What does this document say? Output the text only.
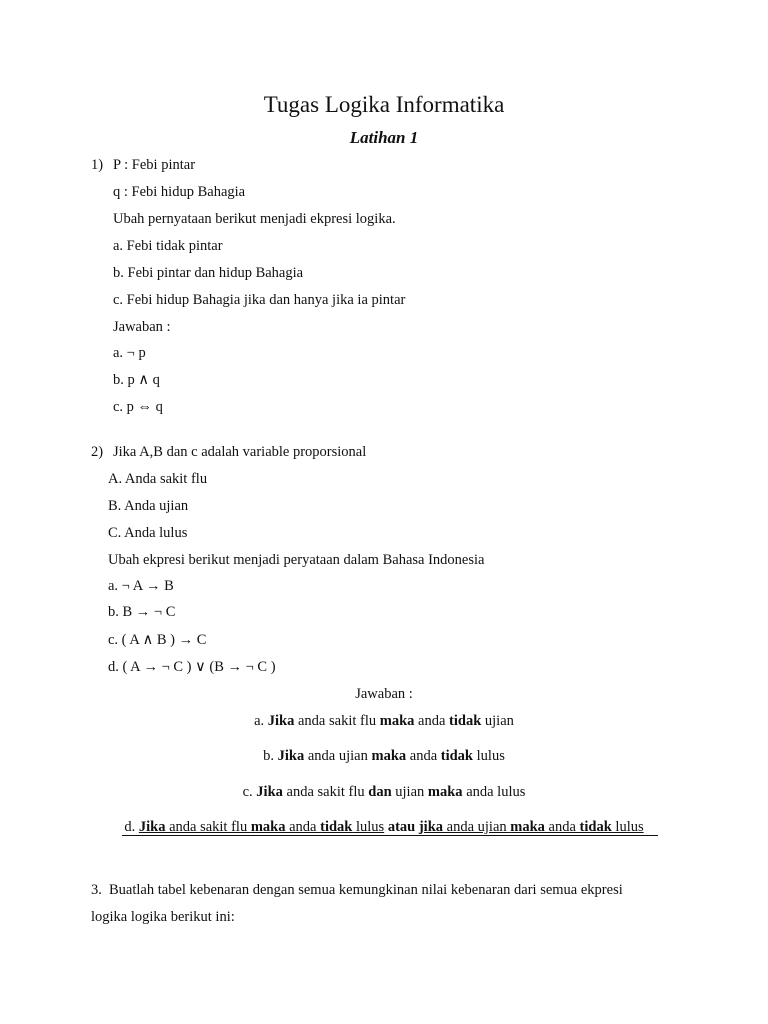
Tugas Logika Informatika
Latihan 1
1) P : Febi pintar
q : Febi hidup Bahagia
Ubah pernyataan berikut menjadi ekpresi logika.
a. Febi tidak pintar
b. Febi pintar dan hidup Bahagia
c. Febi hidup Bahagia jika dan hanya jika ia pintar
Jawaban :
a. ¬ p
b. p ∧ q
c. p ⇔ q
2) Jika A,B dan c adalah variable proporsional
A. Anda sakit flu
B. Anda ujian
C. Anda lulus
Ubah ekpresi berikut menjadi peryataan dalam Bahasa Indonesia
a. ¬ A → B
b. B → ¬ C
c. ( A ∧ B ) → C
d. ( A → ¬ C ) ∨ (B → ¬ C )
Jawaban :
a. Jika anda sakit flu maka anda tidak ujian
b. Jika anda ujian maka anda tidak lulus
c. Jika anda sakit flu dan ujian maka anda lulus
d. Jika anda sakit flu maka anda tidak lulus atau jika anda ujian maka anda tidak lulus
3. Buatlah tabel kebenaran dengan semua kemungkinan nilai kebenaran dari semua ekpresi
logika logika berikut ini:
